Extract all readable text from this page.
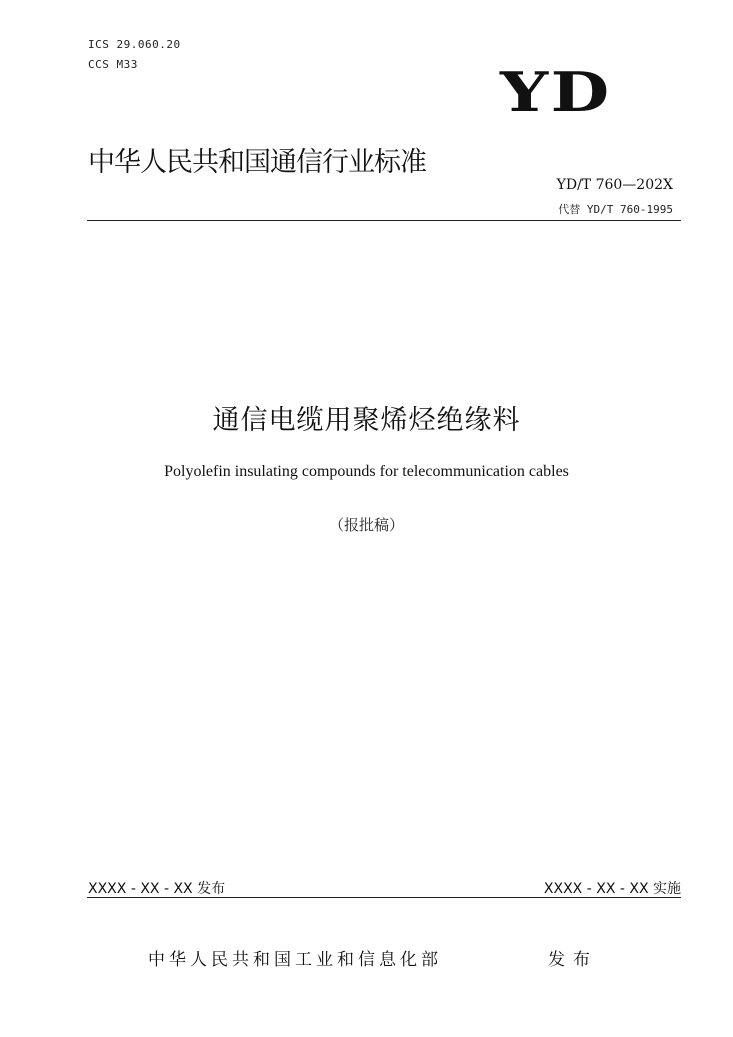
ICS 29.060.20
CCS M33	YD
中华人民共和国通信行业标准
YD/T 760—202X
代替 YD/T 760-1995
通信电缆用聚烯烃绝缘料
Polyolefin insulating compounds for telecommunication cables
（报批稿）
XXXX - XX - XX 发布	XXXX - XX - XX 实施
中华人民共和国工业和信息化部	发布
